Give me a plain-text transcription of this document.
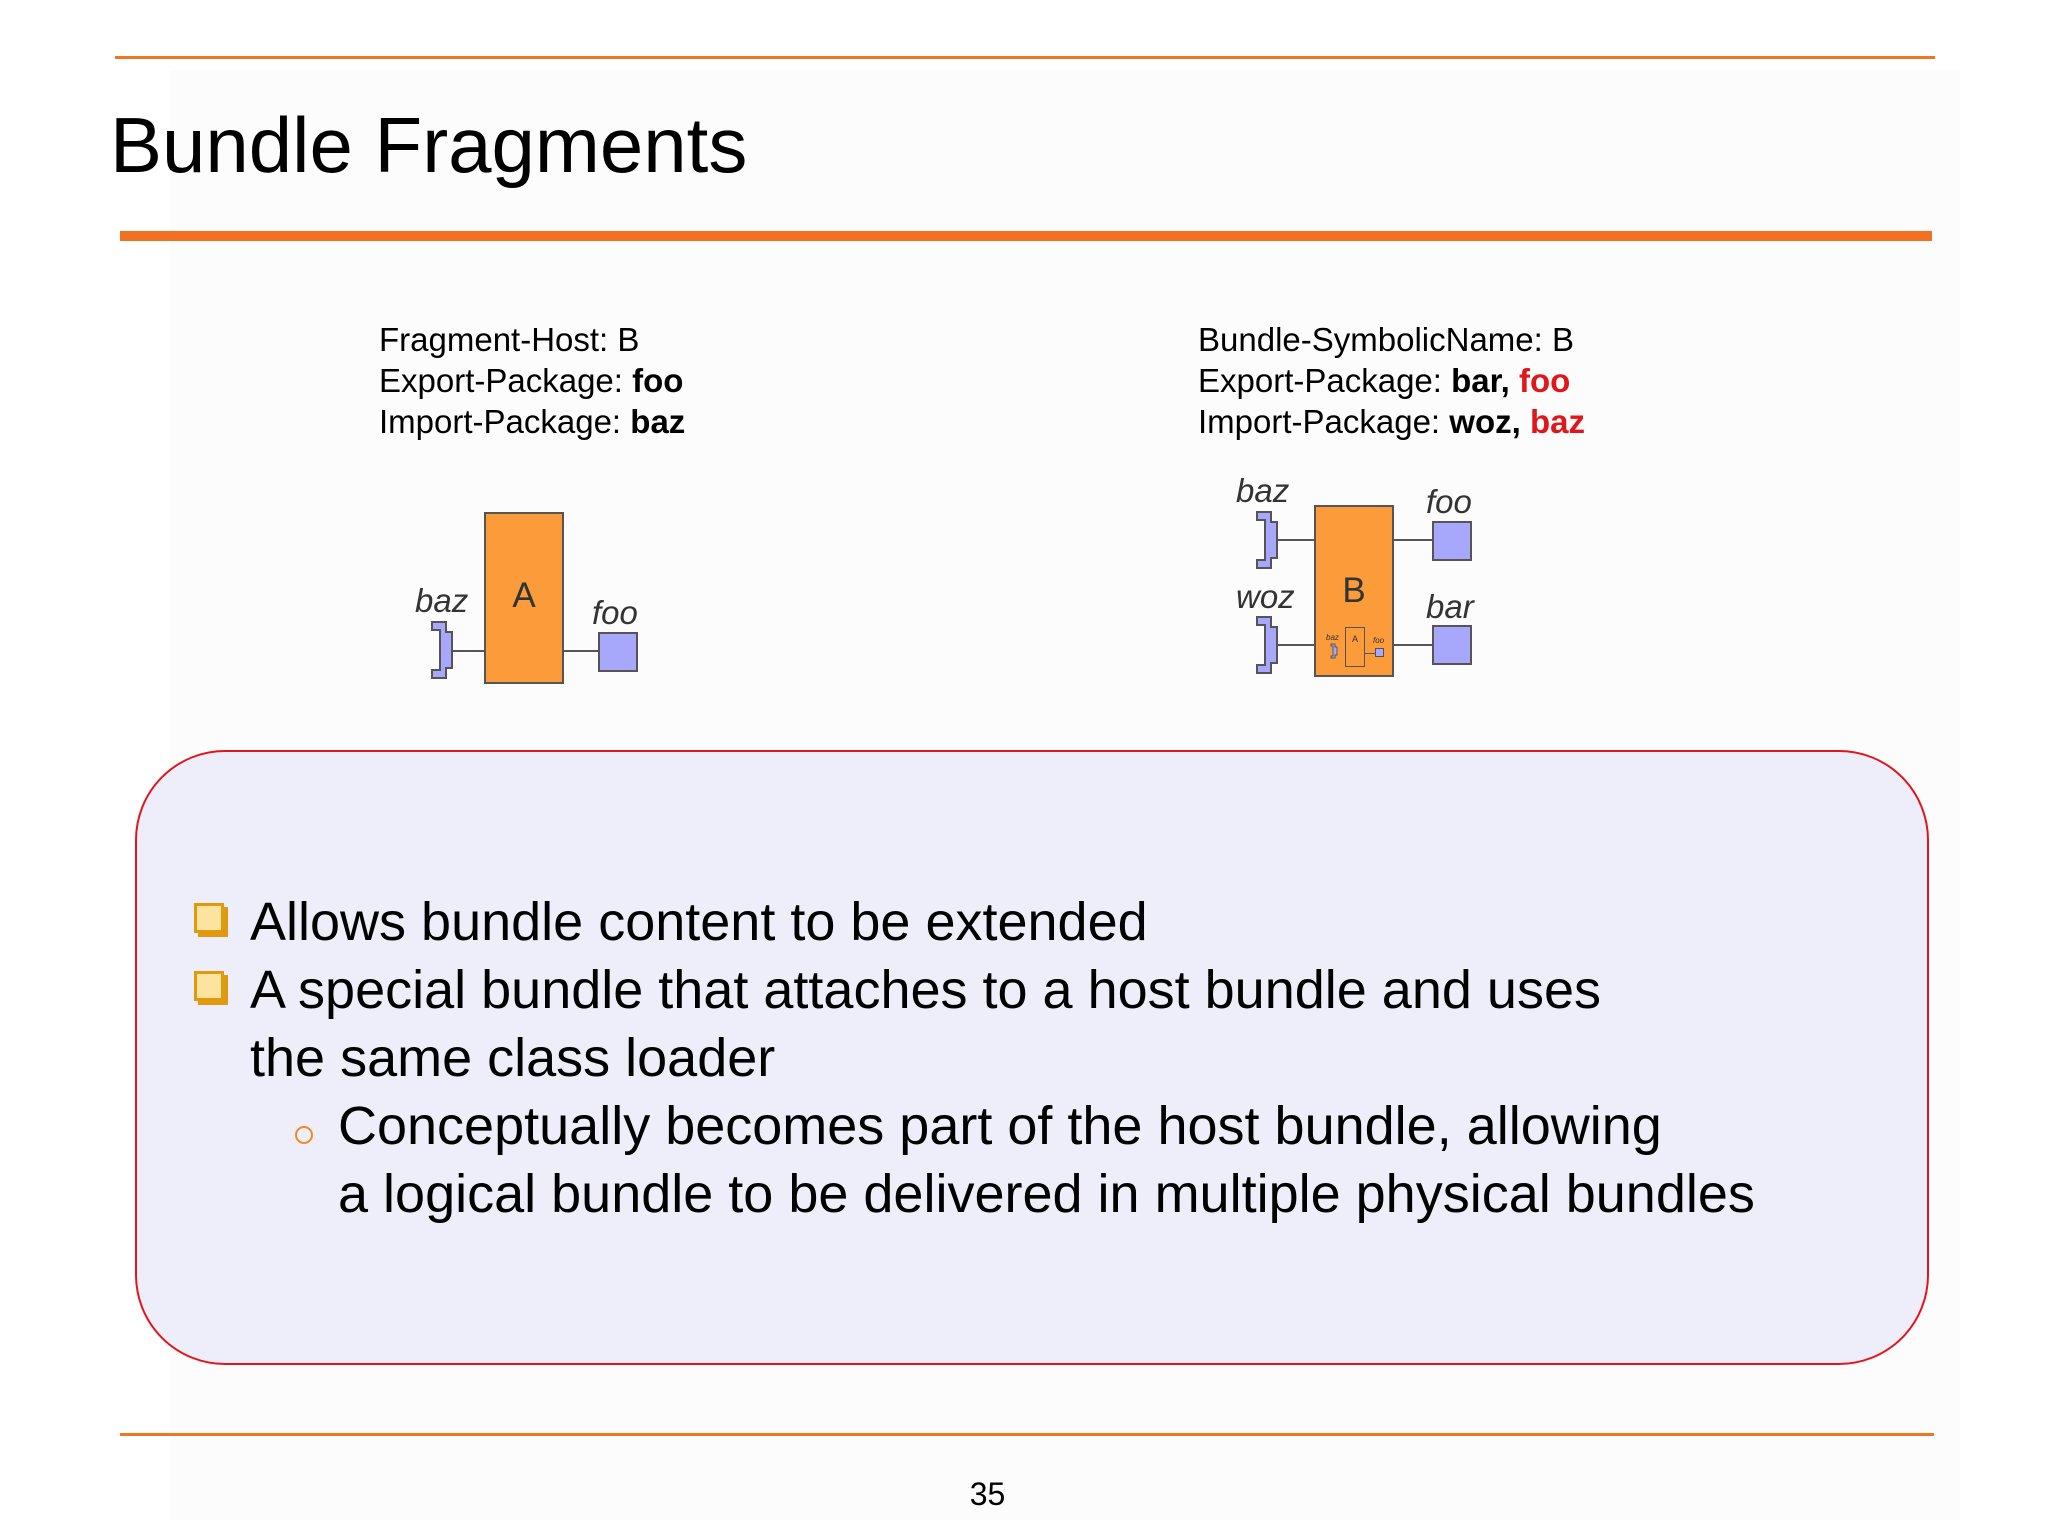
Bundle Fragments
Fragment-Host: B
Export-Package: foo
Import-Package: baz
Bundle-SymbolicName: B
Export-Package: bar, foo
Import-Package: woz, baz
A
baz	foo
B
baz
woz
foo
bar
baz	A	foo
Allows bundle content to be extended
A special bundle that attaches to a host bundle and uses
the same class loader
Conceptually becomes part of the host bundle, allowing
a logical bundle to be delivered in multiple physical bundles
35
